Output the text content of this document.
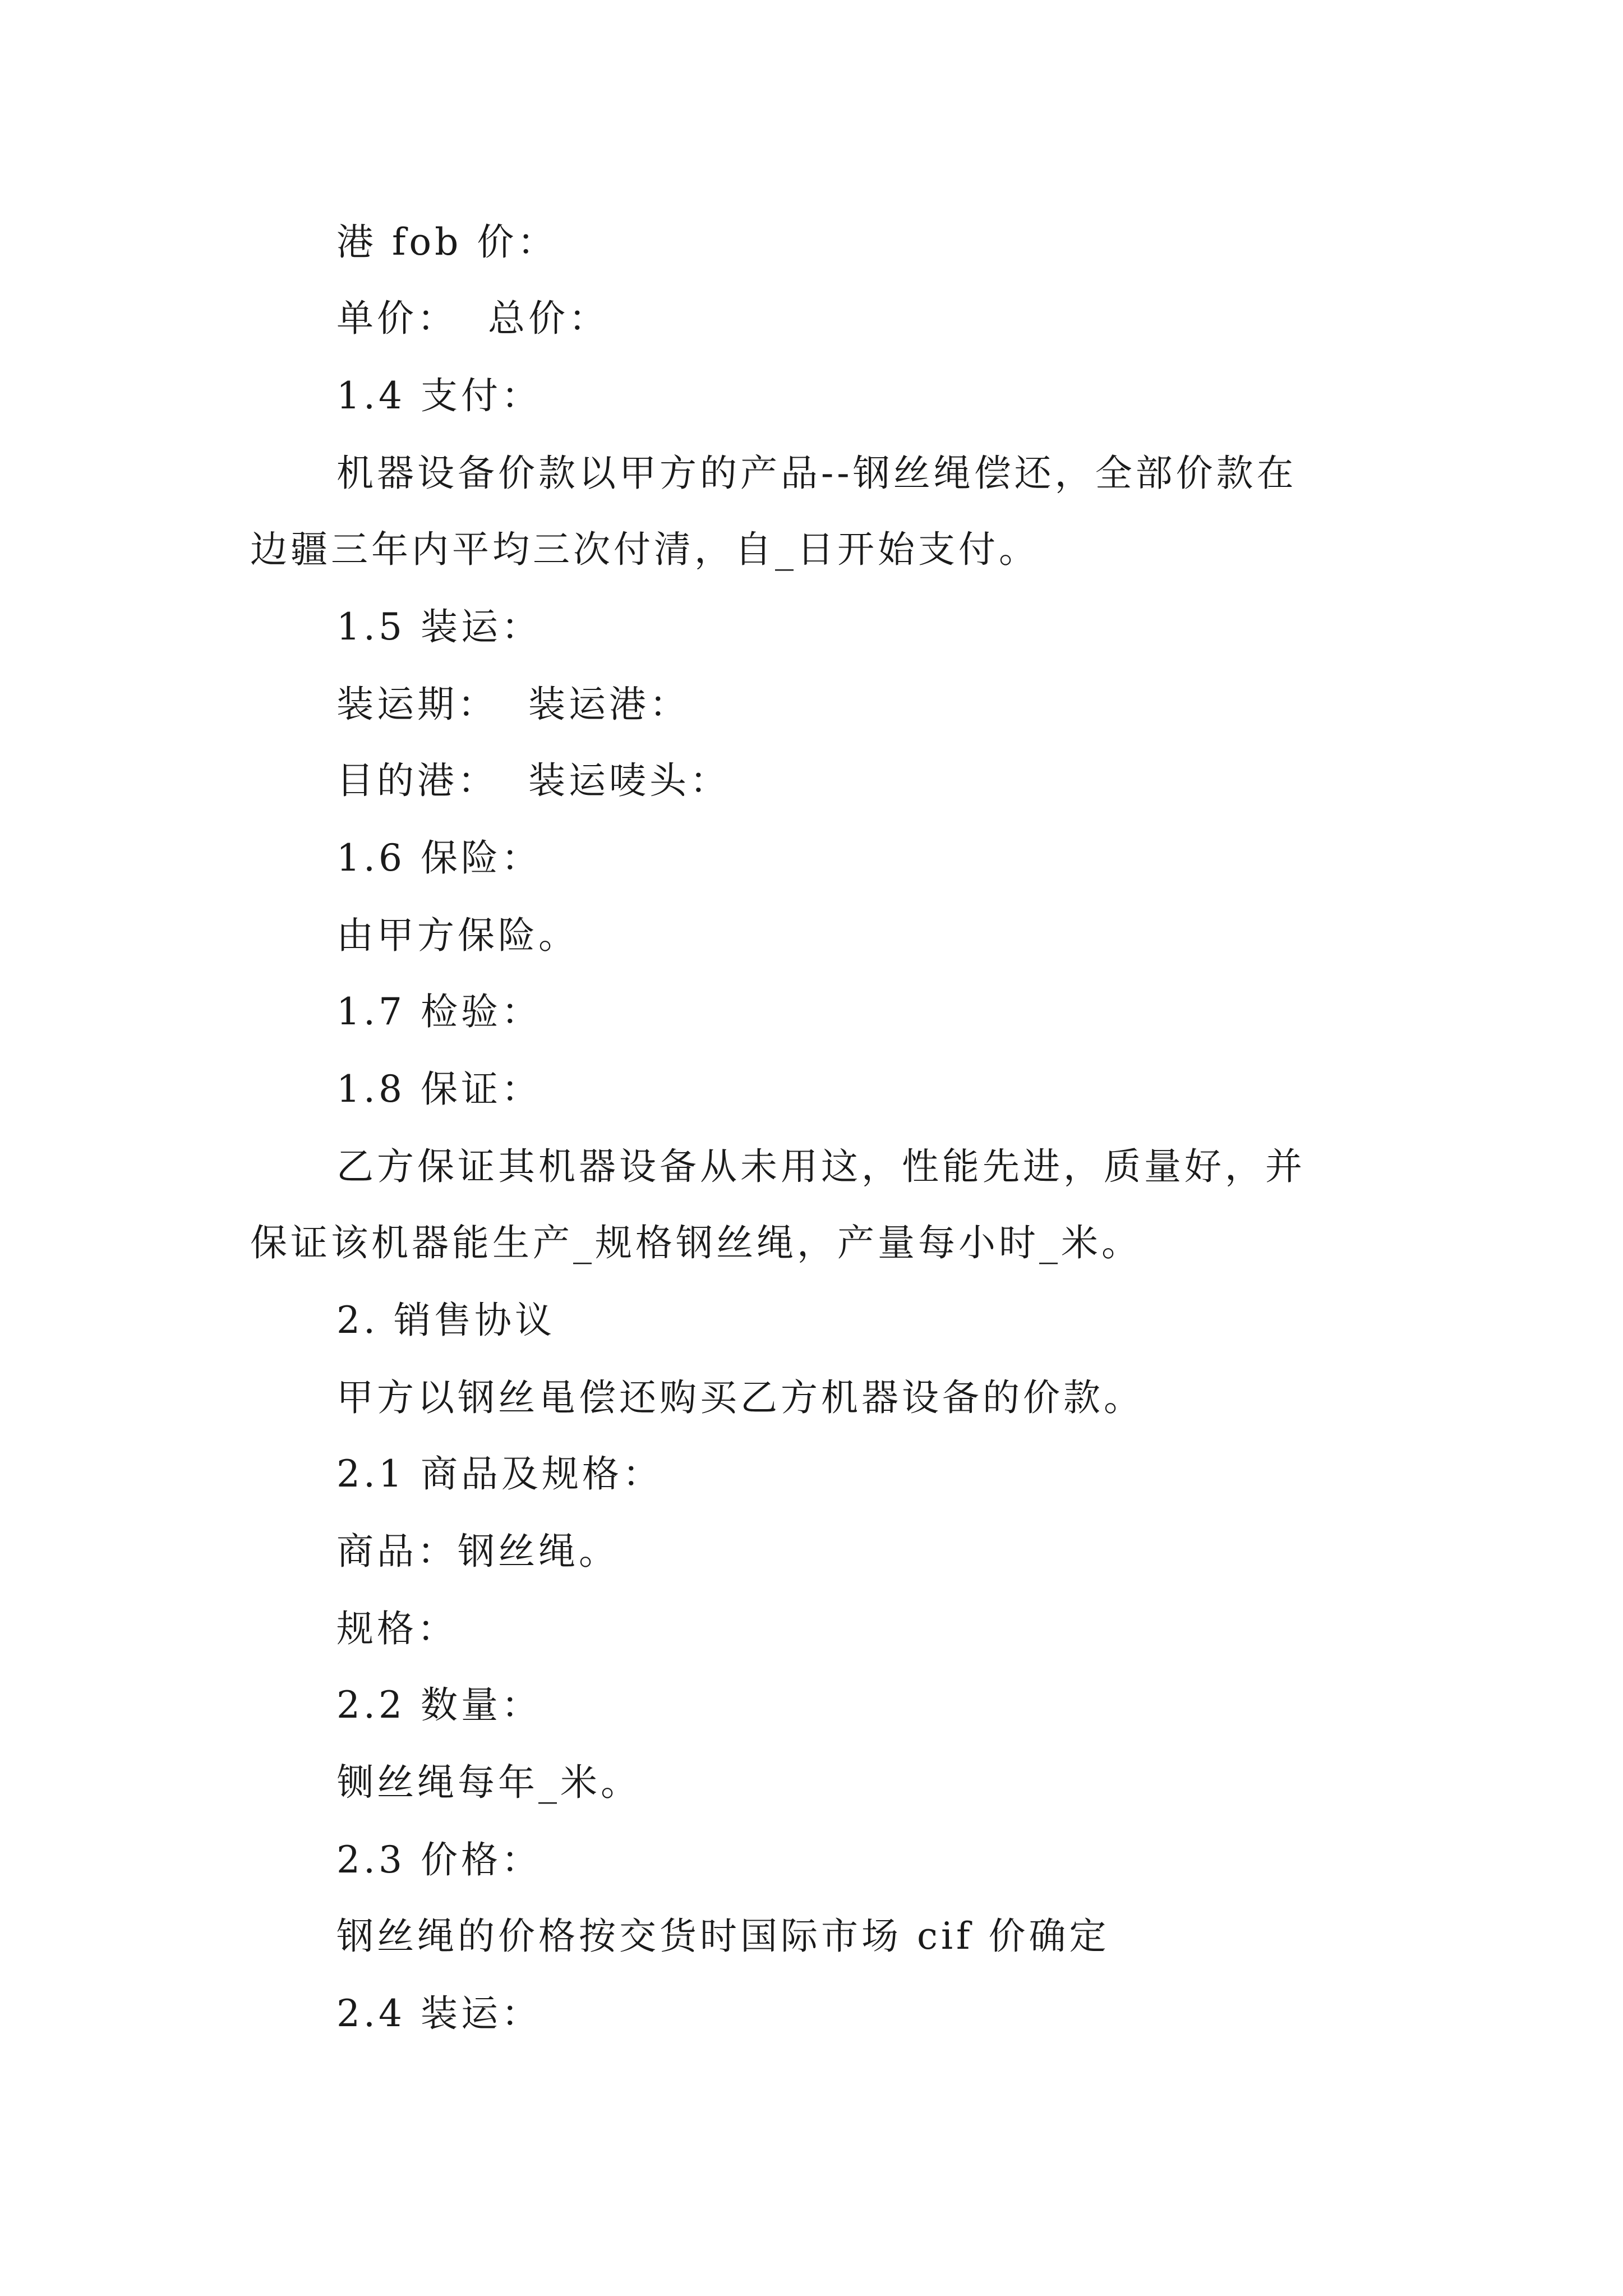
港 fob 价：
单价：  总价：
1.4 支付：
机器设备价款以甲方的产品--钢丝绳偿还，全部价款在
边疆三年内平均三次付清，自_日开始支付。
1.5 装运：
装运期：  装运港：
目的港：  装运唛头：
1.6 保险：
由甲方保险。
1.7 检验：
1.8 保证：
乙方保证其机器设备从未用这，性能先进，质量好，并
保证该机器能生产_规格钢丝绳，产量每小时_米。
2. 销售协议
甲方以钢丝黾偿还购买乙方机器设备的价款。
2.1 商品及规格：
商品：钢丝绳。
规格：
2.2 数量：
铡丝绳每年_米。
2.3 价格：
钢丝绳的价格按交货时国际市场 cif 价确定
2.4 装运：
